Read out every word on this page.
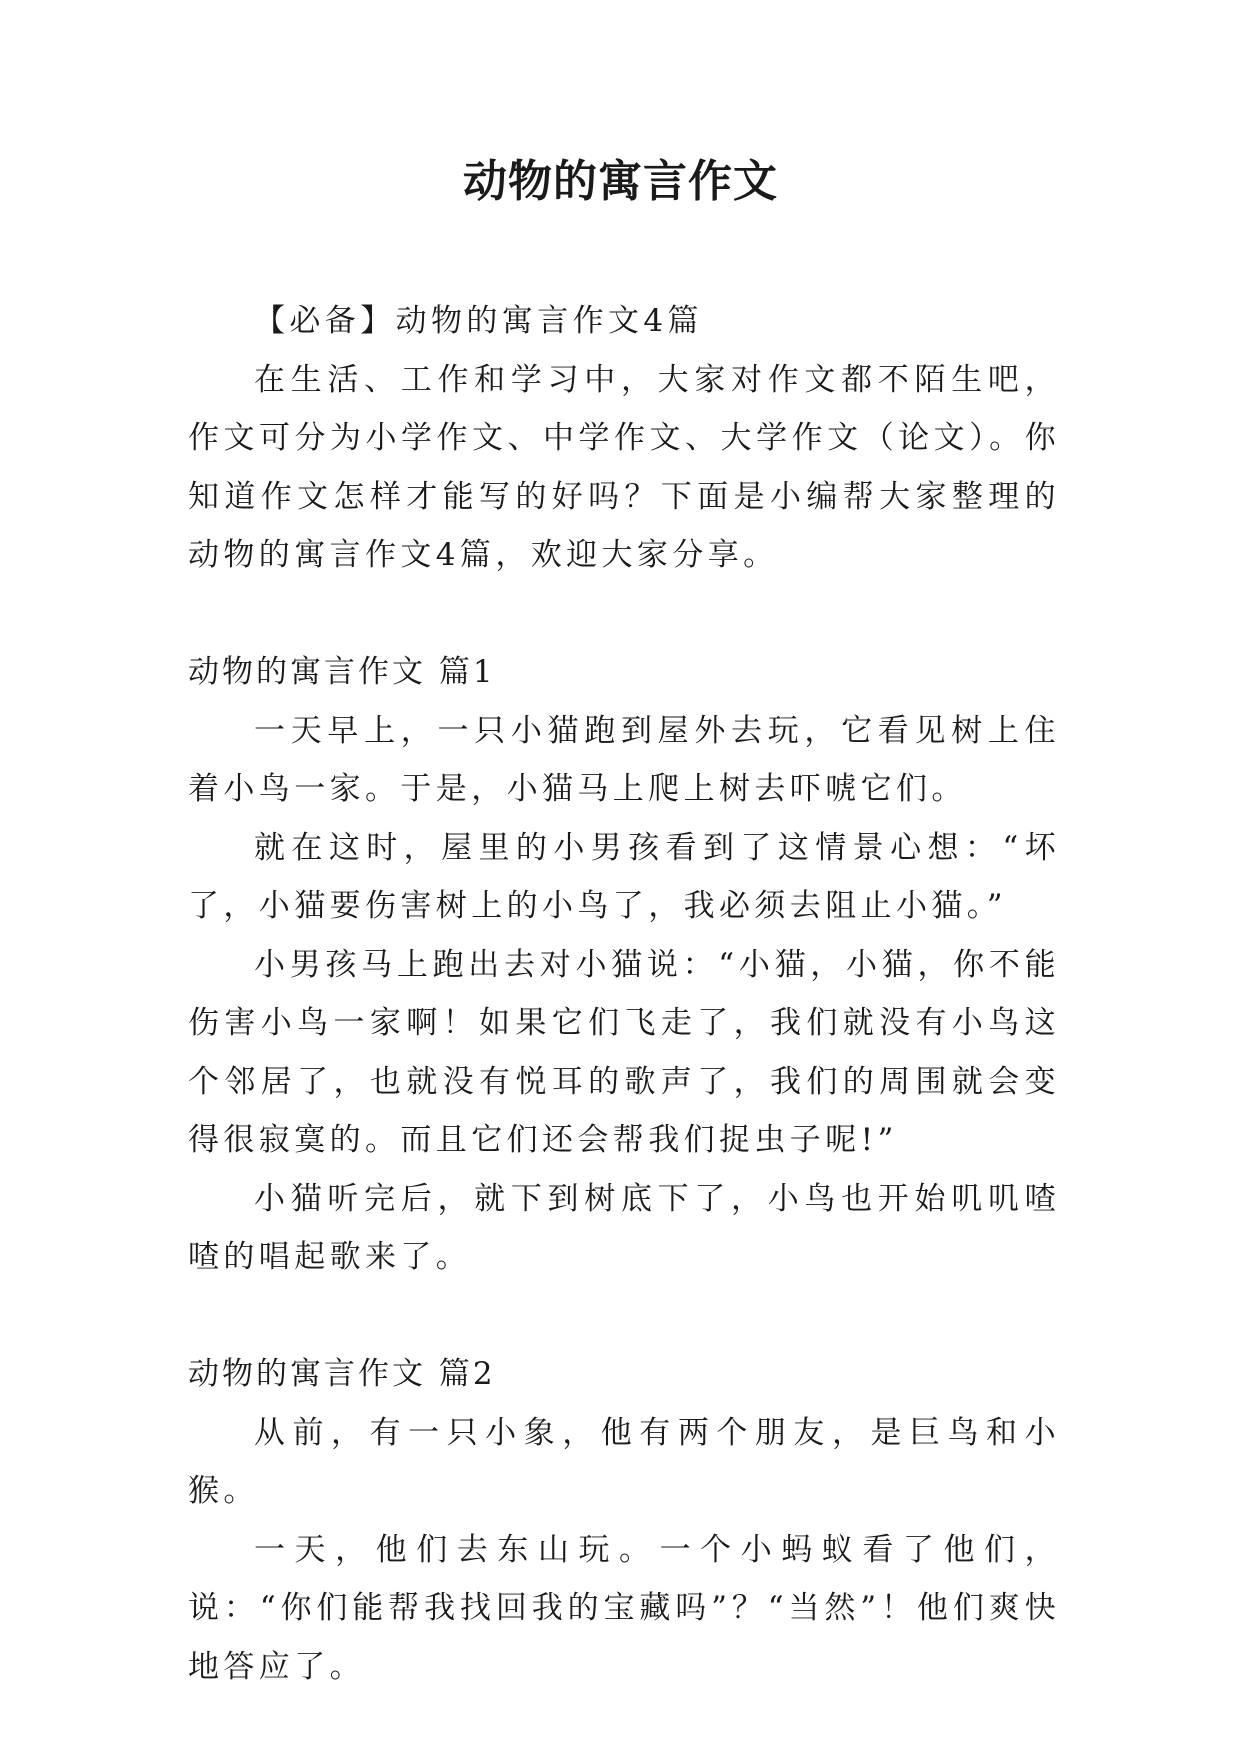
动物的寓言作文

【必备】动物的寓言作文4篇

在生活、工作和学习中，大家对作文都不陌生吧，作文可分为小学作文、中学作文、大学作文（论文）。你知道作文怎样才能写的好吗？下面是小编帮大家整理的动物的寓言作文4篇，欢迎大家分享。

动物的寓言作文 篇1

一天早上，一只小猫跑到屋外去玩，它看见树上住着小鸟一家。于是，小猫马上爬上树去吓唬它们。

就在这时，屋里的小男孩看到了这情景心想：“坏了，小猫要伤害树上的小鸟了，我必须去阻止小猫。”

小男孩马上跑出去对小猫说：“小猫，小猫，你不能伤害小鸟一家啊！如果它们飞走了，我们就没有小鸟这个邻居了，也就没有悦耳的歌声了，我们的周围就会变得很寂寞的。而且它们还会帮我们捉虫子呢!”

小猫听完后，就下到树底下了，小鸟也开始叽叽喳喳的唱起歌来了。

动物的寓言作文 篇2

从前，有一只小象，他有两个朋友，是巨鸟和小猴。

一天，他们去东山玩。一个小蚂蚁看了他们，说：“你们能帮我找回我的宝藏吗”？“当然”！他们爽快地答应了。
